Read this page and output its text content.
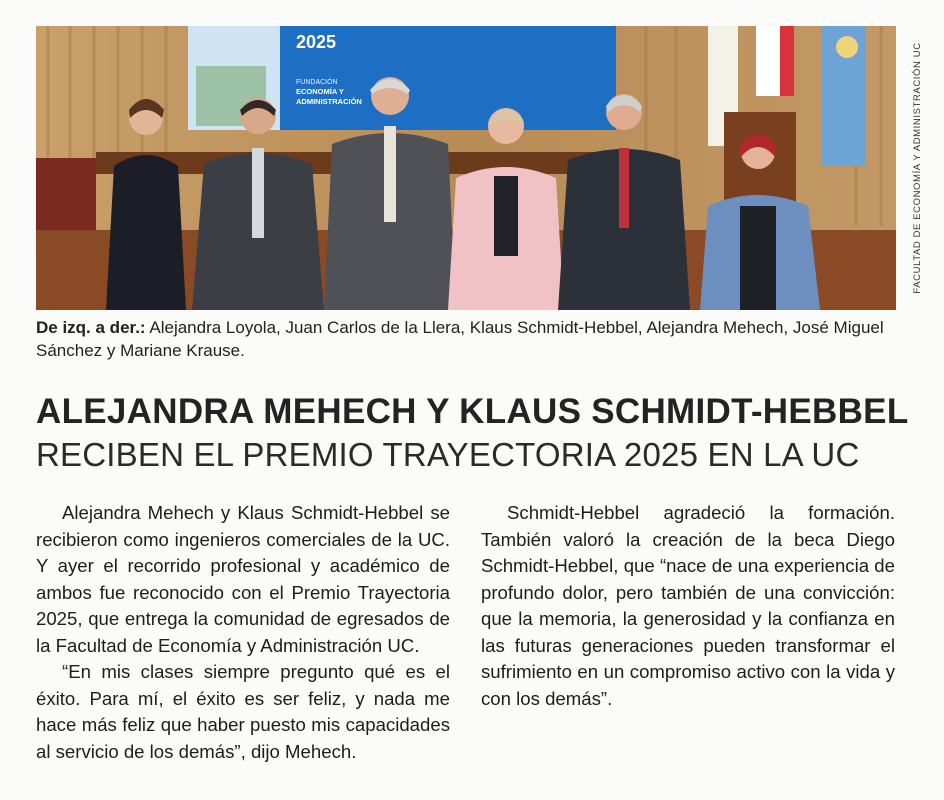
2025
FUNDACIÓN
ECONOMÍA Y
ADMINISTRACIÓN	FACULTAD DE ECONOMÍA Y ADMINISTRACIÓN UC
De izq. a der.: Alejandra Loyola, Juan Carlos de la Llera, Klaus Schmidt-Hebbel, Alejandra Mehech, José Miguel Sánchez y Mariane Krause.
ALEJANDRA MEHECH Y KLAUS SCHMIDT-HEBBEL
RECIBEN EL PREMIO TRAYECTORIA 2025 EN LA UC

Alejandra Mehech y Klaus Schmidt-Hebbel se recibieron como ingenieros comerciales de la UC. Y ayer el recorrido profesional y académico de ambos fue reconocido con el Premio Trayectoria 2025, que entrega la comunidad de egresados de la Facultad de Economía y Administración UC.

“En mis clases siempre pregunto qué es el éxito. Para mí, el éxito es ser feliz, y nada me hace más feliz que haber puesto mis capacidades al servicio de los demás”, dijo Mehech.

Schmidt-Hebbel agradeció la formación. También valoró la creación de la beca Diego Schmidt-Hebbel, que “nace de una experiencia de profundo dolor, pero también de una convicción: que la memoria, la generosidad y la confianza en las futuras generaciones pueden transformar el sufrimiento en un compromiso activo con la vida y con los demás”.
